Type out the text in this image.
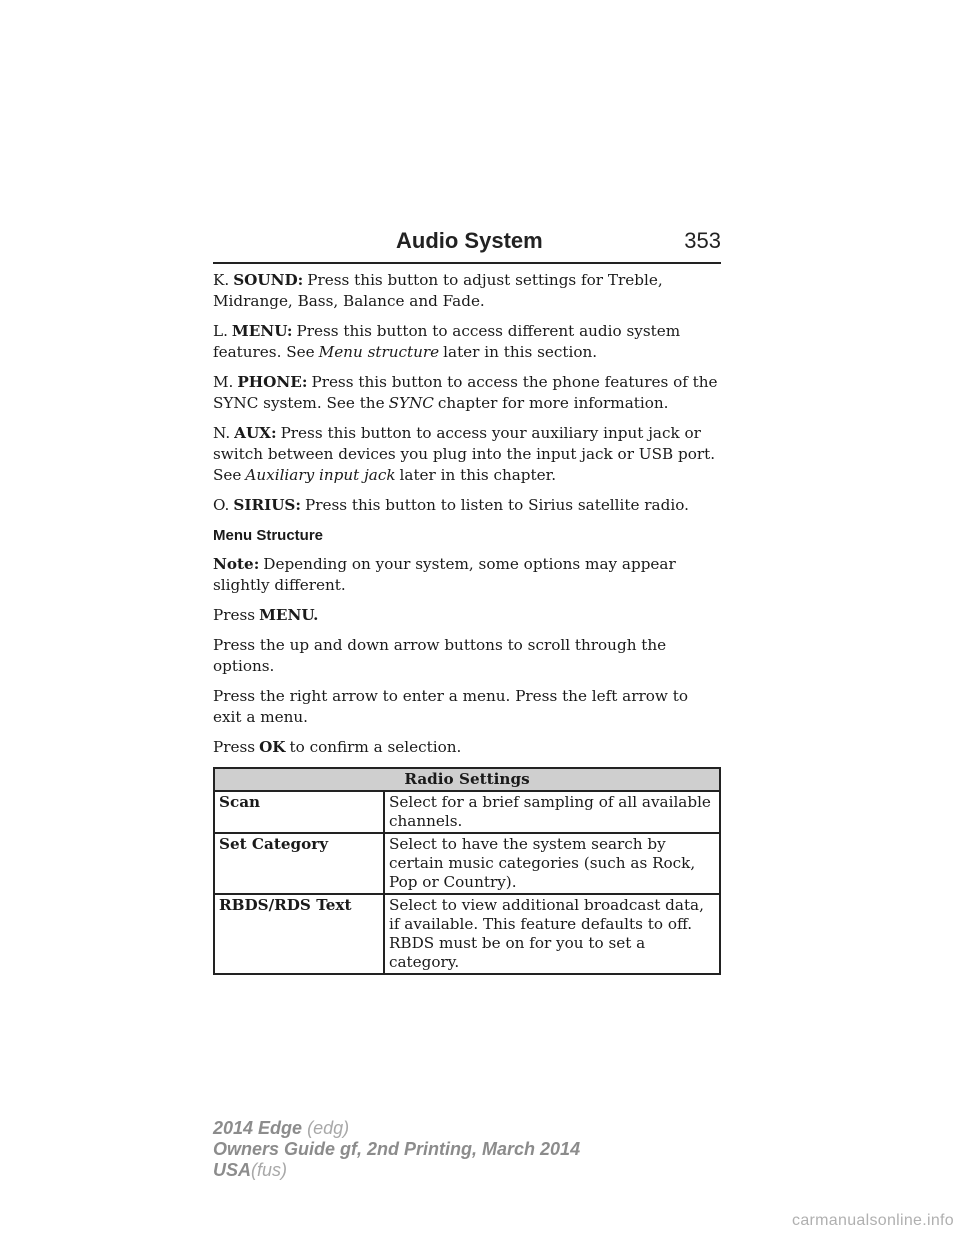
Audio System	353

K. SOUND: Press this button to adjust settings for Treble, Midrange, Bass, Balance and Fade.

L. MENU: Press this button to access different audio system features. See Menu structure later in this section.

M. PHONE: Press this button to access the phone features of the SYNC system. See the SYNC chapter for more information.

N. AUX: Press this button to access your auxiliary input jack or switch between devices you plug into the input jack or USB port. See Auxiliary input jack later in this chapter.

O. SIRIUS: Press this button to listen to Sirius satellite radio.

Menu Structure

Note: Depending on your system, some options may appear slightly different.

Press MENU.

Press the up and down arrow buttons to scroll through the options.

Press the right arrow to enter a menu. Press the left arrow to exit a menu.

Press OK to confirm a selection.

Radio Settings	
Scan	Select for a brief sampling of all available channels.
Set Category	Select to have the system search by certain music categories (such as Rock, Pop or Country).
RBDS/RDS Text	Select to view additional broadcast data, if available. This feature defaults to off. RBDS must be on for you to set a category.
2014 Edge (edg)
Owners Guide gf, 2nd Printing, March 2014
USA(fus)
carmanualsonline.info
